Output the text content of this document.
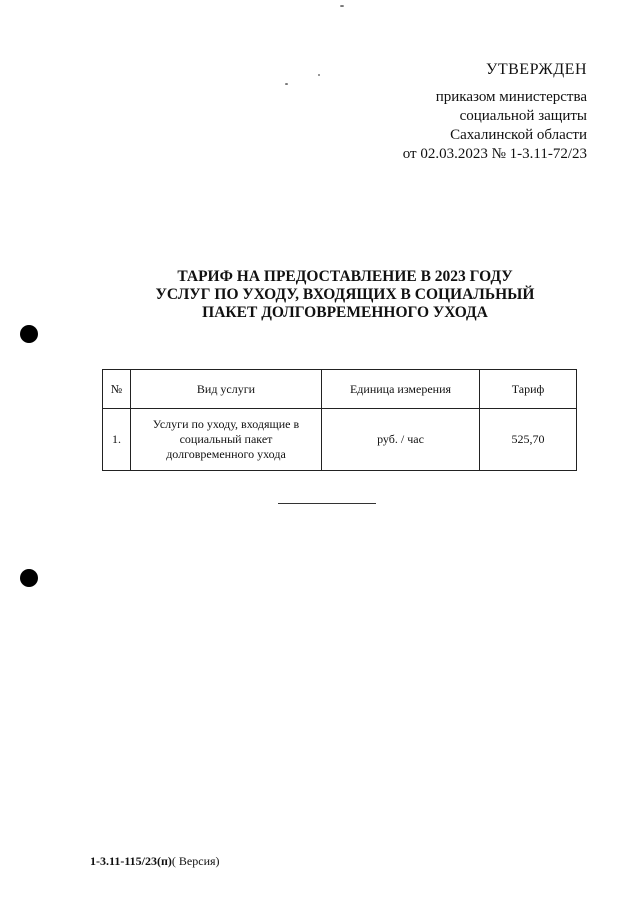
УТВЕРЖДЕН
приказом министерства
социальной защиты
Сахалинской области
от 02.03.2023 № 1-3.11-72/23
ТАРИФ НА ПРЕДОСТАВЛЕНИЕ В 2023 ГОДУ
УСЛУГ ПО УХОДУ, ВХОДЯЩИХ В СОЦИАЛЬНЫЙ
ПАКЕТ ДОЛГОВРЕМЕННОГО УХОДА
№	Вид услуги	Единица измерения	Тариф
1.	Услуги по уходу, входящие в
социальный пакет
долговременного ухода	руб. / час	525,70
1-3.11-115/23(п)( Версия)
